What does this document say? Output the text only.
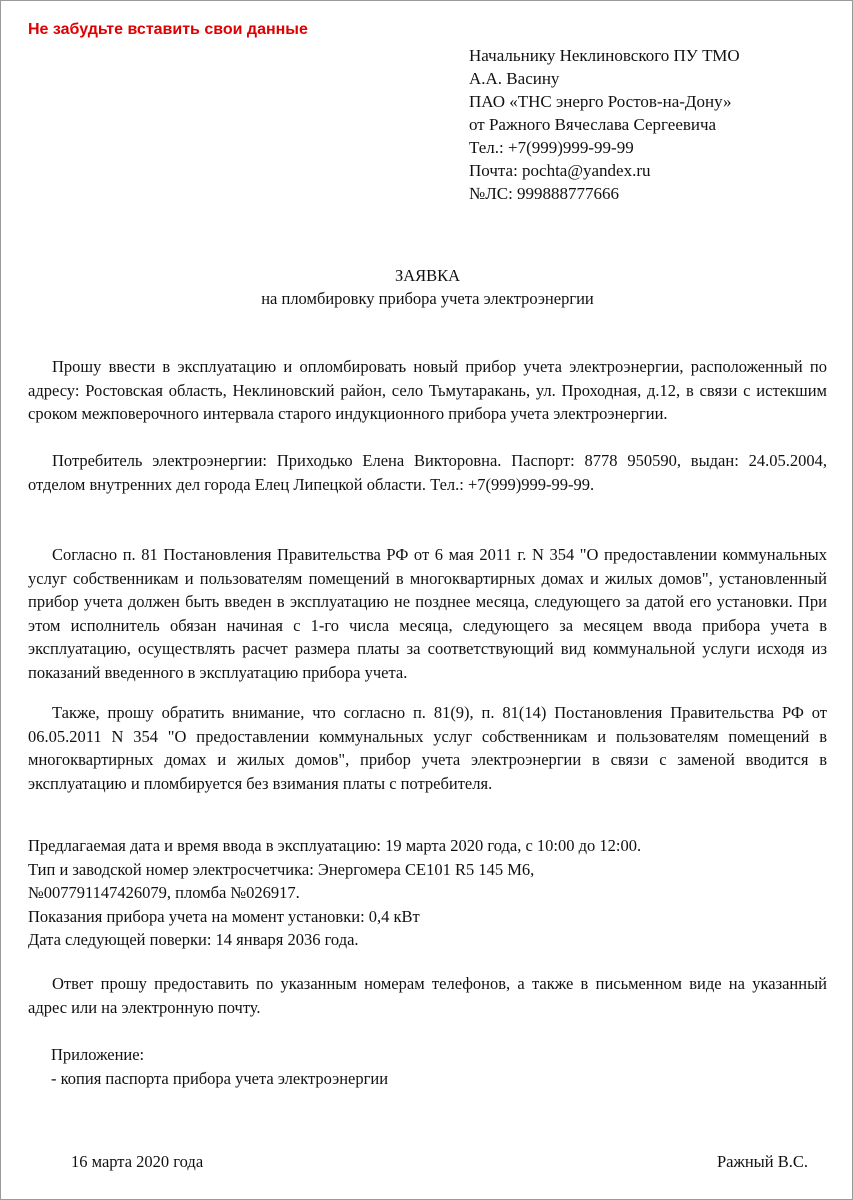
Не забудьте вставить свои данные
Начальнику Неклиновского ПУ ТМО
А.А. Васину
ПАО «ТНС энерго Ростов-на-Дону»
от Ражного Вячеслава Сергеевича
Тел.: +7(999)999-99-99
Почта: pochta@yandex.ru
№ЛС: 999888777666
ЗАЯВКА
на пломбировку прибора учета электроэнергии
Прошу ввести в эксплуатацию и опломбировать новый прибор учета электроэнергии, расположенный по адресу: Ростовская область, Неклиновский район, село Тьмутаракань, ул. Проходная, д.12, в связи с истекшим сроком межповерочного интервала старого индукционного прибора учета электроэнергии.
Потребитель электроэнергии: Приходько Елена Викторовна. Паспорт: 8778 950590, выдан: 24.05.2004, отделом внутренних дел города Елец Липецкой области. Тел.: +7(999)999-99-99.
Согласно п. 81 Постановления Правительства РФ от 6 мая 2011 г. N 354 "О предоставлении коммунальных услуг собственникам и пользователям помещений в многоквартирных домах и жилых домов", установленный прибор учета должен быть введен в эксплуатацию не позднее месяца, следующего за датой его установки. При этом исполнитель обязан начиная с 1-го числа месяца, следующего за месяцем ввода прибора учета в эксплуатацию, осуществлять расчет размера платы за соответствующий вид коммунальной услуги исходя из показаний введенного в эксплуатацию прибора учета.
Также, прошу обратить внимание, что согласно п. 81(9), п. 81(14) Постановления Правительства РФ от 06.05.2011 N 354 "О предоставлении коммунальных услуг собственникам и пользователям помещений в многоквартирных домах и жилых домов", прибор учета электроэнергии в связи с заменой вводится в эксплуатацию и пломбируется без взимания платы с потребителя.
Предлагаемая дата и время ввода в эксплуатацию: 19 марта 2020 года, с 10:00 до 12:00.
Тип и заводской номер электросчетчика: Энергомера CE101 R5 145 M6,
№007791147426079, пломба №026917.
Показания прибора учета на момент установки: 0,4 кВт
Дата следующей поверки: 14 января 2036 года.
Ответ прошу предоставить по указанным номерам телефонов, а также в письменном виде на указанный адрес или на электронную почту.
Приложение:
- копия паспорта прибора учета электроэнергии
16 марта 2020 года	Ражный В.С.
